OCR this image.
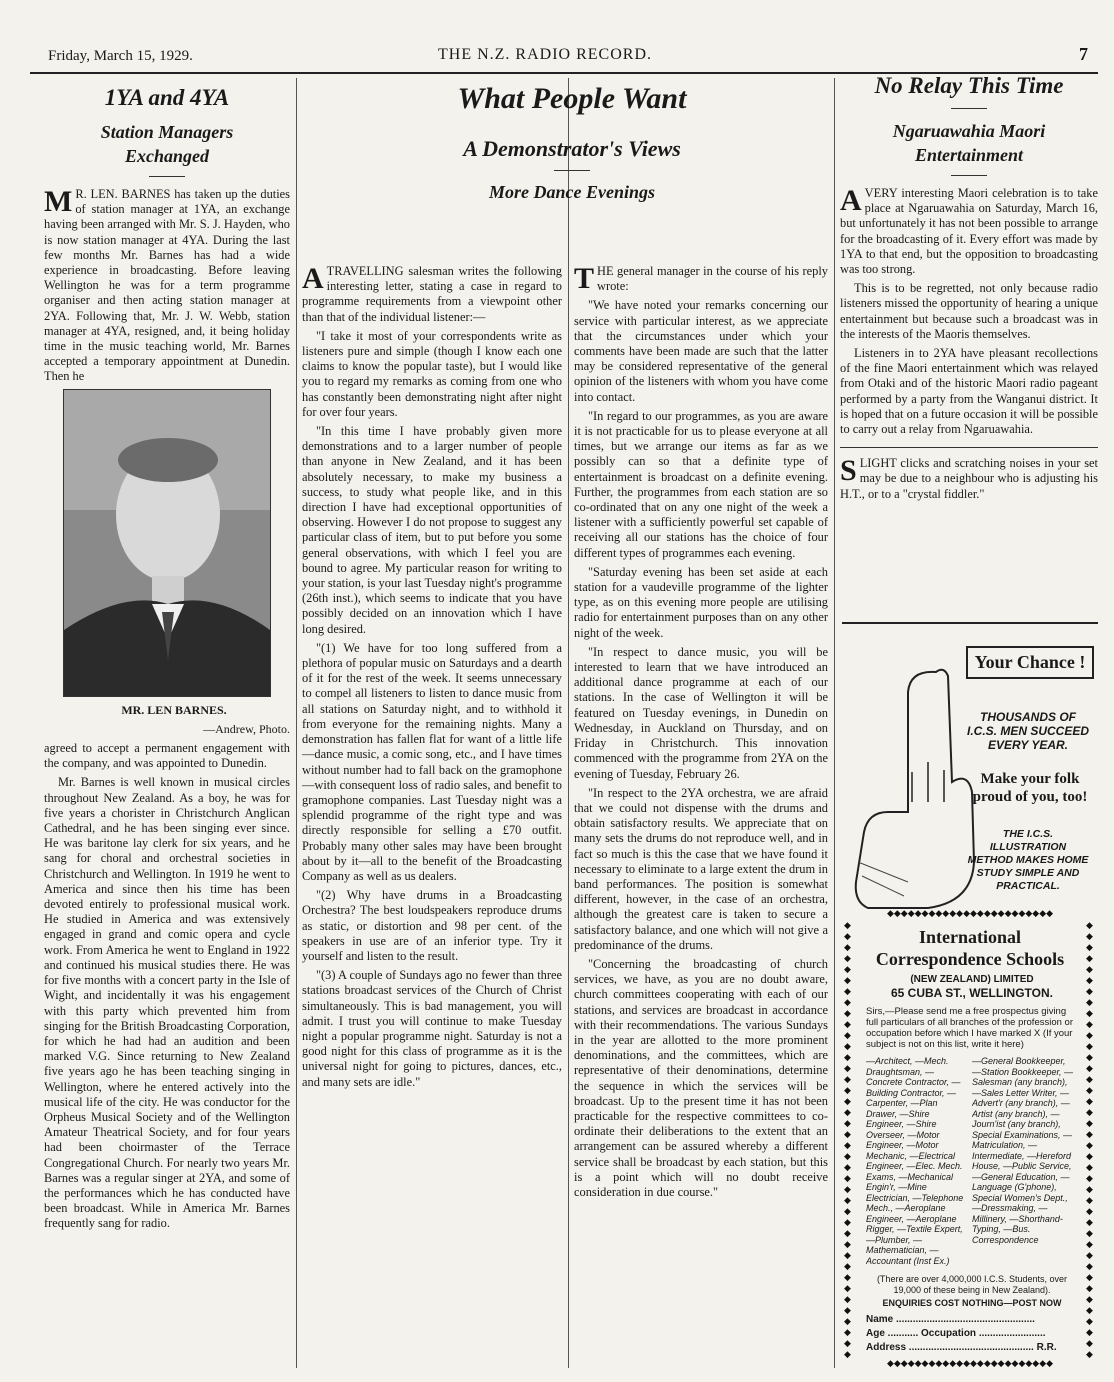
Friday, March 15, 1929.	THE N.Z. RADIO RECORD.	7
1YA and 4YA
Station Managers Exchanged

M R. LEN. BARNES has taken up the duties of station manager at 1YA, an exchange having been arranged with Mr. S. J. Hayden, who is now station manager at 4YA. During the last few months Mr. Barnes has had a wide experience in broadcasting. Before leaving Wellington he was for a term programme organiser and then acting station manager at 2YA. Following that, Mr. J. W. Webb, station manager at 4YA, resigned, and, it being holiday time in the music teaching world, Mr. Barnes accepted a temporary appointment at Dunedin. Then he

MR. LEN BARNES.

—Andrew, Photo.

agreed to accept a permanent engagement with the company, and was appointed to Dunedin.

Mr. Barnes is well known in musical circles throughout New Zealand. As a boy, he was for five years a chorister in Christchurch Anglican Cathedral, and he has been singing ever since. He was baritone lay clerk for six years, and he sang for choral and orchestral societies in Christchurch and Wellington. In 1919 he went to America and since then his time has been devoted entirely to professional musical work. He studied in America and was extensively engaged in grand and comic opera and cycle work. From America he went to England in 1922 and continued his musical studies there. He was for five months with a concert party in the Isle of Wight, and incidentally it was his engagement with this party which prevented him from singing for the British Broadcasting Corporation, for which he had had an audition and been marked V.G. Since returning to New Zealand five years ago he has been teaching singing in Wellington, where he entered actively into the musical life of the city. He was conductor for the Orpheus Musical Society and of the Wellington Amateur Theatrical Society, and for four years had been choirmaster of the Terrace Congregational Church. For nearly two years Mr. Barnes was a regular singer at 2YA, and some of the performances which he has conducted have been broadcast. While in America Mr. Barnes frequently sang for radio.

What People Want
A Demonstrator's Views
More Dance Evenings

ATRAVELLING salesman writes the following interesting letter, stating a case in regard to programme requirements from a viewpoint other than that of the individual listener:—

"I take it most of your correspondents write as listeners pure and simple (though I know each one claims to know the popular taste), but I would like you to regard my remarks as coming from one who has constantly been demonstrating night after night for over four years.

"In this time I have probably given more demonstrations and to a larger number of people than anyone in New Zealand, and it has been absolutely necessary, to make my business a success, to study what people like, and in this direction I have had exceptional opportunities of observing. However I do not propose to suggest any particular class of item, but to put before you some general observations, with which I feel you are bound to agree. My particular reason for writing to your station, is your last Tuesday night's programme (26th inst.), which seems to indicate that you have possibly decided on an innovation which I have long desired.

"(1) We have for too long suffered from a plethora of popular music on Saturdays and a dearth of it for the rest of the week. It seems unnecessary to compel all listeners to listen to dance music from all stations on Saturday night, and to withhold it from everyone for the remaining nights. Many a demonstration has fallen flat for want of a little life—dance music, a comic song, etc., and I have times without number had to fall back on the gramophone—with consequent loss of radio sales, and benefit to gramophone companies. Last Tuesday night was a splendid programme of the right type and was directly responsible for selling a £70 outfit. Probably many other sales may have been brought about by it—all to the benefit of the Broadcasting Company as well as us dealers.

"(2) Why have drums in a Broadcasting Orchestra? The best loudspeakers reproduce drums as static, or distortion and 98 per cent. of the speakers in use are of an inferior type. Try it yourself and listen to the result.

"(3) A couple of Sundays ago no fewer than three stations broadcast services of the Church of Christ simultaneously. This is bad management, you will admit. I trust you will continue to make Tuesday night a popular programme night. Saturday is not a good night for this class of programme as it is the universal night for going to pictures, dances, etc., and many sets are idle."

THE general manager in the course of his reply wrote:

"We have noted your remarks concerning our service with particular interest, as we appreciate that the circumstances under which your comments have been made are such that the latter may be considered representative of the general opinion of the listeners with whom you have come into contact.

"In regard to our programmes, as you are aware it is not practicable for us to please everyone at all times, but we arrange our items as far as we possibly can so that a definite type of entertainment is broadcast on a definite evening. Further, the programmes from each station are so co-ordinated that on any one night of the week a listener with a sufficiently powerful set capable of receiving all our stations has the choice of four different types of programmes each evening.

"Saturday evening has been set aside at each station for a vaudeville programme of the lighter type, as on this evening more people are utilising radio for entertainment purposes than on any other night of the week.

"In respect to dance music, you will be interested to learn that we have introduced an additional dance programme at each of our stations. In the case of Wellington it will be featured on Tuesday evenings, in Dunedin on Wednesday, in Auckland on Thursday, and on Friday in Christchurch. This innovation commenced with the programme from 2YA on the evening of Tuesday, February 26.

"In respect to the 2YA orchestra, we are afraid that we could not dispense with the drums and obtain satisfactory results. We appreciate that on many sets the drums do not reproduce well, and in fact so much is this the case that we have found it necessary to eliminate to a large extent the drum in band performances. The position is somewhat different, however, in the case of an orchestra, although the greatest care is taken to secure a satisfactory balance, and one which will not give a predominance of the drums.

"Concerning the broadcasting of church services, we have, as you are no doubt aware, church committees cooperating with each of our stations, and services are broadcast in accordance with their recommendations. The various Sundays in the year are allotted to the more prominent denominations, and the committees, which are representative of their denominations, determine the sequence in which the services will be broadcast. Up to the present time it has not been practicable for the respective committees to co-ordinate their deliberations to the extent that an arrangement can be assured whereby a different service shall be broadcast by each station, but this is a point which will no doubt receive consideration in due course."

No Relay This Time
Ngaruawahia Maori Entertainment

AVERY interesting Maori celebration is to take place at Ngaruawahia on Saturday, March 16, but unfortunately it has not been possible to arrange for the broadcasting of it. Every effort was made by 1YA to that end, but the opposition to broadcasting was too strong.

This is to be regretted, not only because radio listeners missed the opportunity of hearing a unique entertainment but because such a broadcast was in the interests of the Maoris themselves.

Listeners in to 2YA have pleasant recollections of the fine Maori entertainment which was relayed from Otaki and of the historic Maori radio pageant performed by a party from the Wanganui district. It is hoped that on a future occasion it will be possible to carry out a relay from Ngaruawahia.

SLIGHT clicks and scratching noises in your set may be due to a neighbour who is adjusting his H.T., or to a "crystal fiddler."

Your Chance !
THOUSANDS OF I.C.S. MEN SUCCEED EVERY YEAR.
Make your folk proud of you, too!
THE I.C.S. ILLUSTRATION METHOD MAKES HOME STUDY SIMPLE AND PRACTICAL.
◆◆◆◆◆◆◆◆◆◆◆◆◆◆◆◆◆◆◆◆◆◆◆◆
◆
◆
◆
◆
◆
◆
◆
◆
◆
◆
◆
◆
◆
◆
◆
◆
◆
◆
◆
◆
◆
◆
◆
◆
◆
◆
◆
◆
◆
◆
◆
◆
◆
◆
◆
◆
◆
◆
◆
◆
◆
◆
◆
◆
◆
◆
◆
◆
◆
◆
◆
◆
◆
◆
◆
◆
◆
◆
◆
◆
◆
◆
◆
◆
◆
◆
◆
◆
◆
◆
◆
◆
◆
◆
◆
◆
◆
◆
◆
◆
International Correspondence Schools
(NEW ZEALAND) LIMITED
65 CUBA ST., WELLINGTON.
Sirs,—Please send me a free prospectus giving full particulars of all branches of the profession or occupation before which I have marked X (If your subject is not on this list, write it here)
—Architect, —Mech. Draughtsman, —Concrete Contractor, —Building Contractor, —Carpenter, —Plan Drawer, —Shire Engineer, —Shire Overseer, —Motor Engineer, —Motor Mechanic, —Electrical Engineer, —Elec. Mech. Exams, —Mechanical Engin'r, —Mine Electrician, —Telephone Mech., —Aeroplane Engineer, —Aeroplane Rigger, —Textile Expert, —Plumber, —Mathematician, —Accountant (Inst Ex.)
—General Bookkeeper, —Station Bookkeeper, —Salesman (any branch), —Sales Letter Writer, —Advert'r (any branch), —Artist (any branch), —Journ'ist (any branch), Special Examinations, —Matriculation, —Intermediate, —Hereford House, —Public Service, —General Education, —Language (G'phone), Special Women's Dept., —Dressmaking, —Millinery, —Shorthand-Typing, —Bus. Correspondence
(There are over 4,000,000 I.C.S. Students, over 19,000 of these being in New Zealand).
ENQUIRIES COST NOTHING—POST NOW
Name ..................................................
Age ........... Occupation ........................
Address ............................................. R.R.
◆◆◆◆◆◆◆◆◆◆◆◆◆◆◆◆◆◆◆◆◆◆◆◆
